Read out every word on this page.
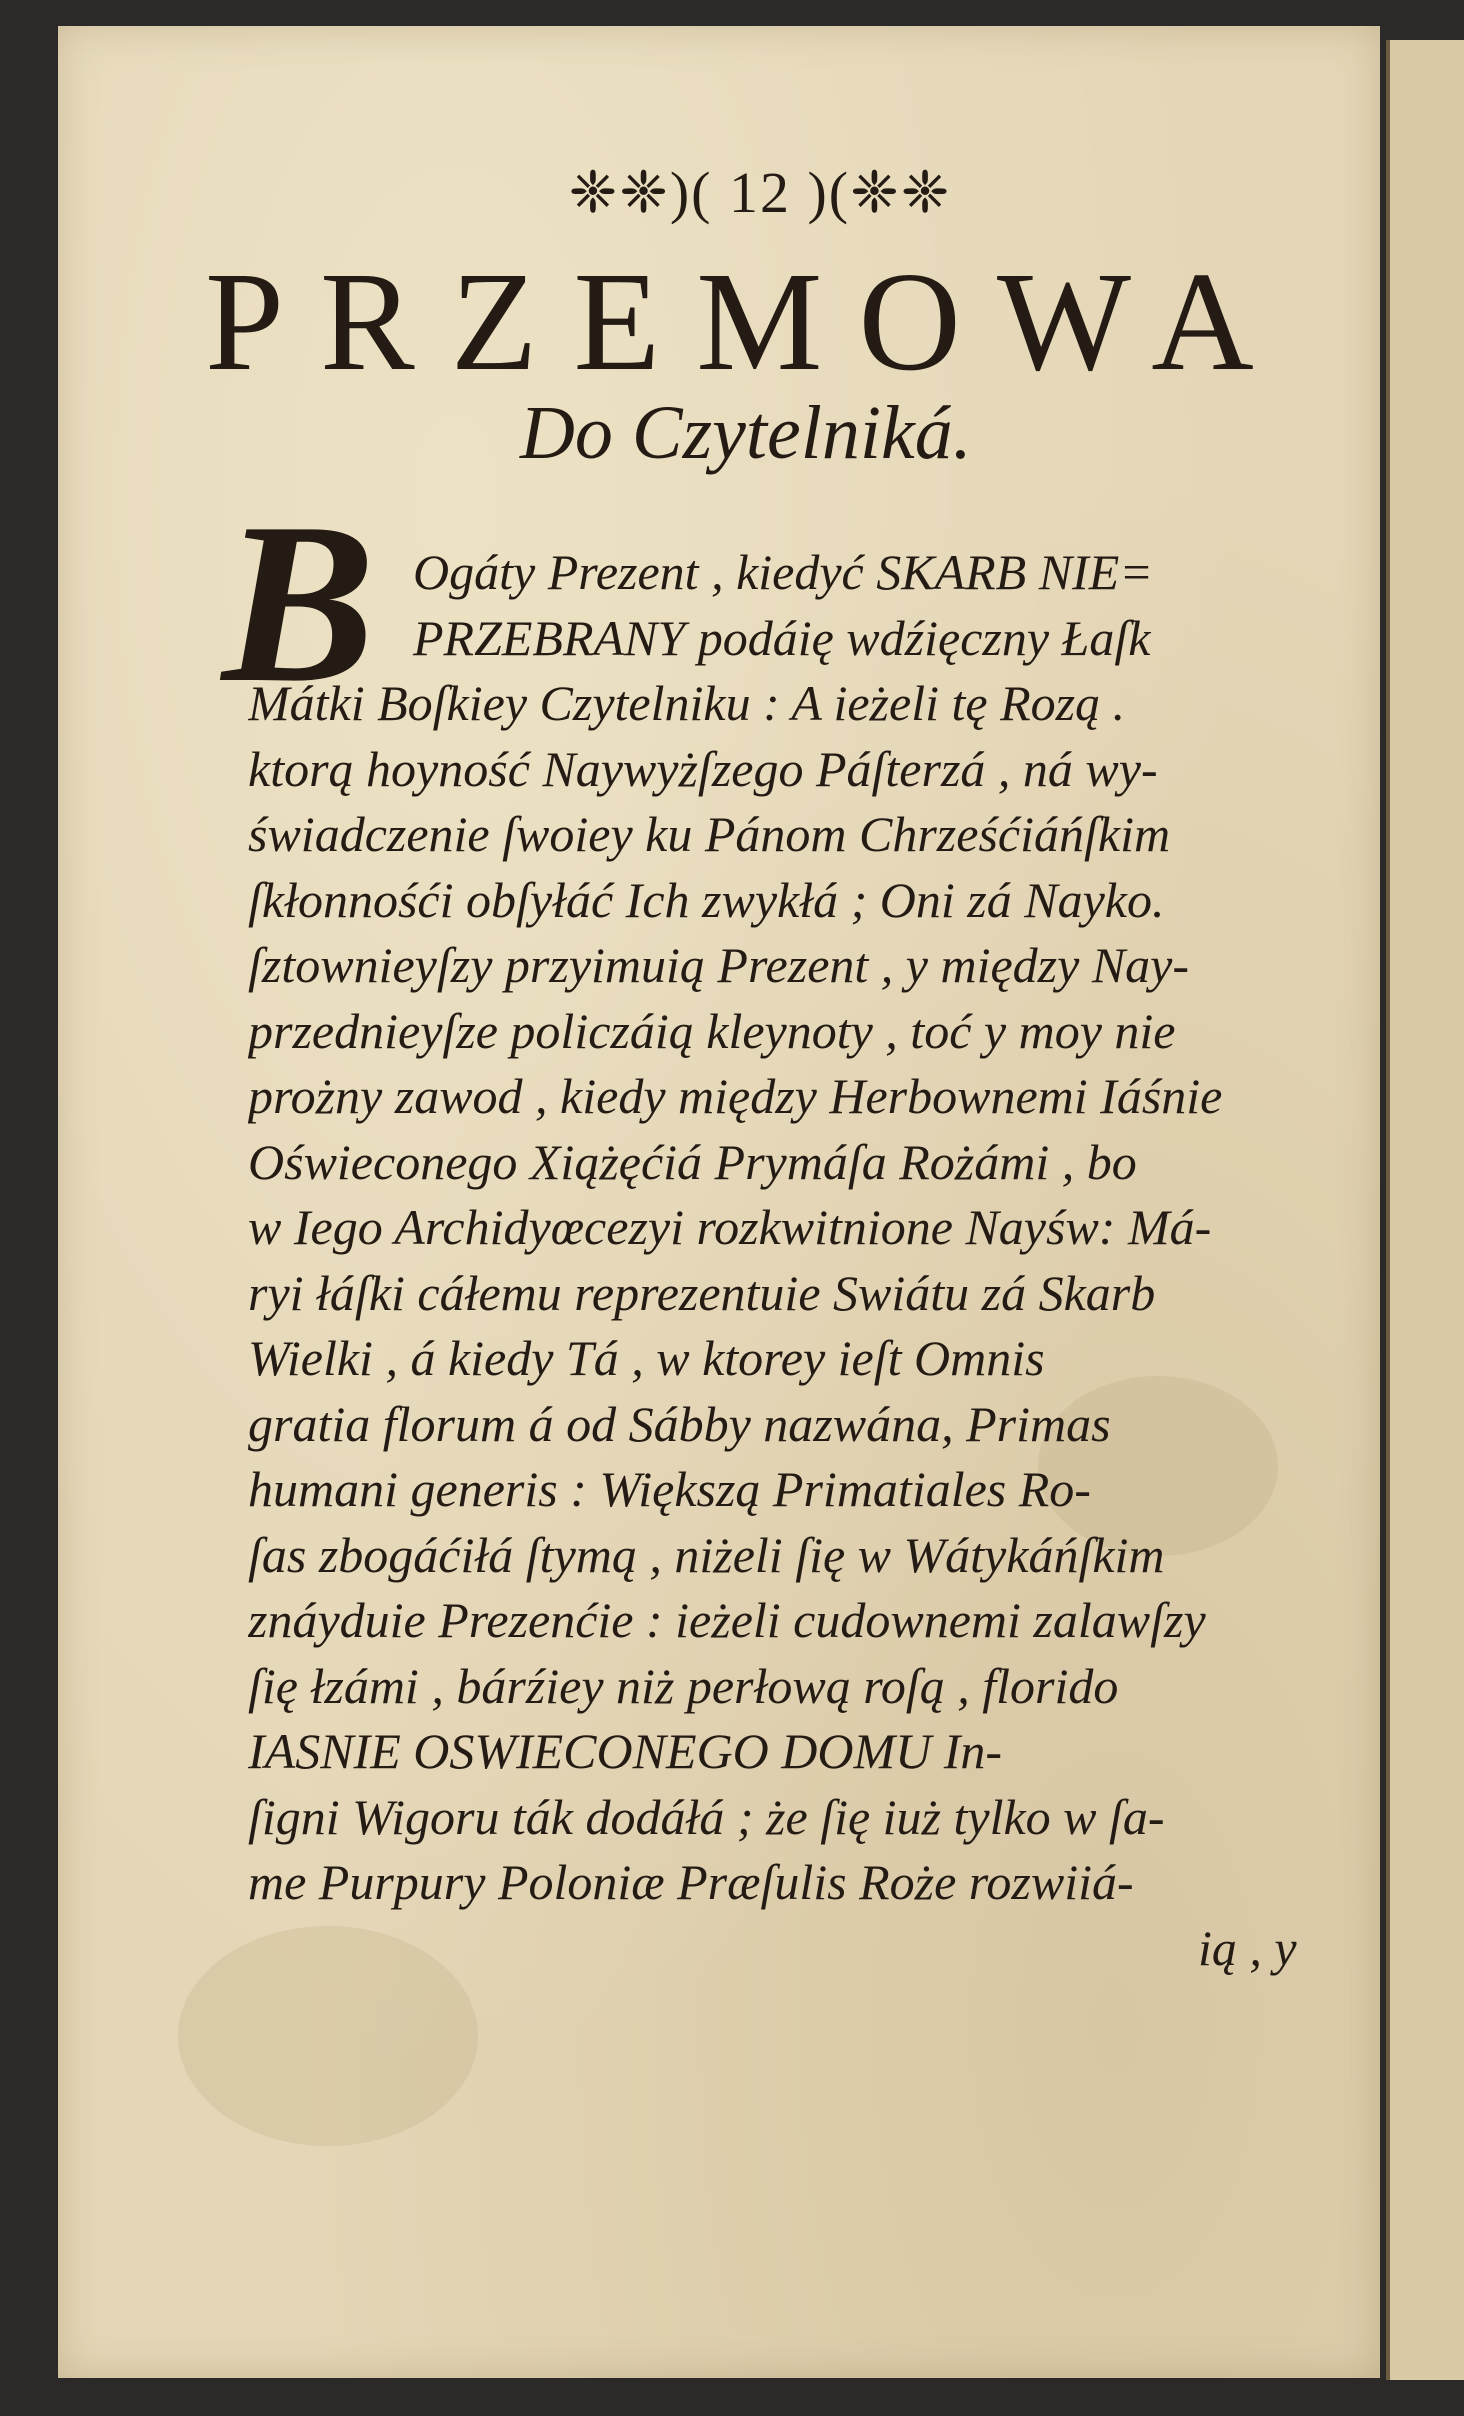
❈❈)( 12 )(❈❈
PRZEMOWA
Do Czytelniká.
B Ogáty Prezent , kiedyć SKARB NIE=
PRZEBRANY podáię wdźięczny Łaſk
Mátki Boſkiey Czytelniku : A ieżeli tę Rozą .
ktorą hoyność Naywyżſzego Páſterzá , ná wy-
świadczenie ſwoiey ku Pánom Chrześćiáńſkim
ſkłonnośći obſyłáć Ich zwykłá ; Oni zá Nayko.
ſztownieyſzy przyimuią Prezent , y między Nay-
przednieyſze policzáią kleynoty , toć y moy nie
prożny zawod , kiedy między Herbownemi Iáśnie
Oświeconego Xiążęćiá Prymáſa Rożámi , bo
w Iego Archidyœcezyi rozkwitnione Nayśw: Má-
ryi łáſki cáłemu reprezentuie Swiátu zá Skarb
Wielki , á kiedy Tá , w ktorey ieſt Omnis
gratia florum á od Sábby nazwána, Primas
humani generis : Większą Primatiales Ro-
ſas zbogáćiłá ſtymą , niżeli ſię w Wátykáńſkim
znáyduie Prezenćie : ieżeli cudownemi zalawſzy
ſię łzámi , bárźiey niż perłową roſą , florido
IASNIE OSWIECONEGO DOMU In-
ſigni Wigoru ták dodáłá ; że ſię iuż tylko w ſa-
me Purpury Poloniæ Præſulis Roże rozwiiá-
ią , y
